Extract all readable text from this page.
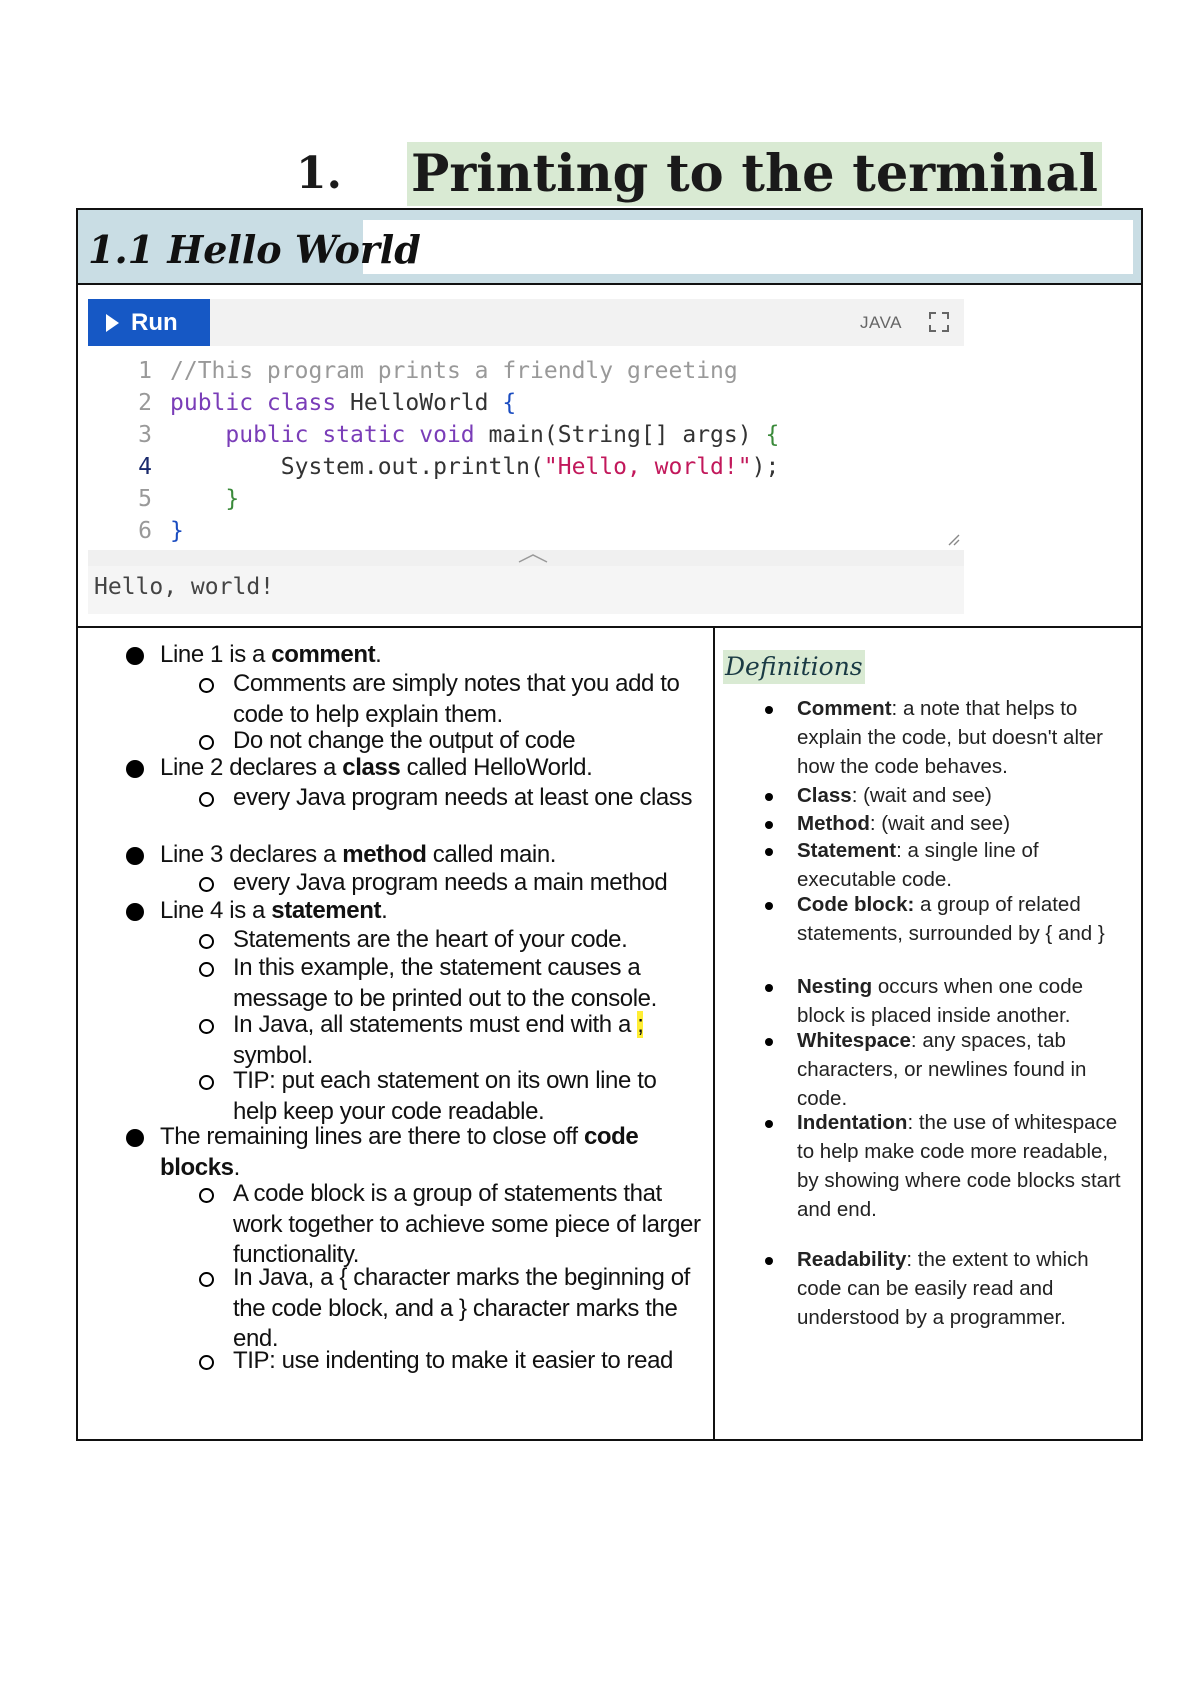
1. Printing to the terminal
1.1 Hello World
Run	JAVA
1 //This program prints a friendly greeting
2 public class HelloWorld {
3 public static void main(String[] args) {
4 System.out.println("Hello, world!");
5 }
6 }
Hello, world!
Line 1 is a comment.
Comments are simply notes that you add to code to help explain them.
Do not change the output of code
Line 2 declares a class called HelloWorld.
every Java program needs at least one class
Line 3 declares a method called main.
every Java program needs a main method
Line 4 is a statement.
Statements are the heart of your code.
In this example, the statement causes a message to be printed out to the console.
In Java, all statements must end with a ; symbol.
TIP: put each statement on its own line to help keep your code readable.
The remaining lines are there to close off code blocks.
A code block is a group of statements that work together to achieve some piece of larger functionality.
In Java, a { character marks the beginning of the code block, and a } character marks the end.
TIP: use indenting to make it easier to read
Definitions
Comment: a note that helps to explain the code, but doesn't alter how the code behaves.
Class: (wait and see)
Method: (wait and see)
Statement: a single line of executable code.
Code block: a group of related statements, surrounded by { and }
Nesting occurs when one code block is placed inside another.
Whitespace: any spaces, tab characters, or newlines found in code.
Indentation: the use of whitespace to help make code more readable, by showing where code blocks start and end.
Readability: the extent to which code can be easily read and understood by a programmer.
